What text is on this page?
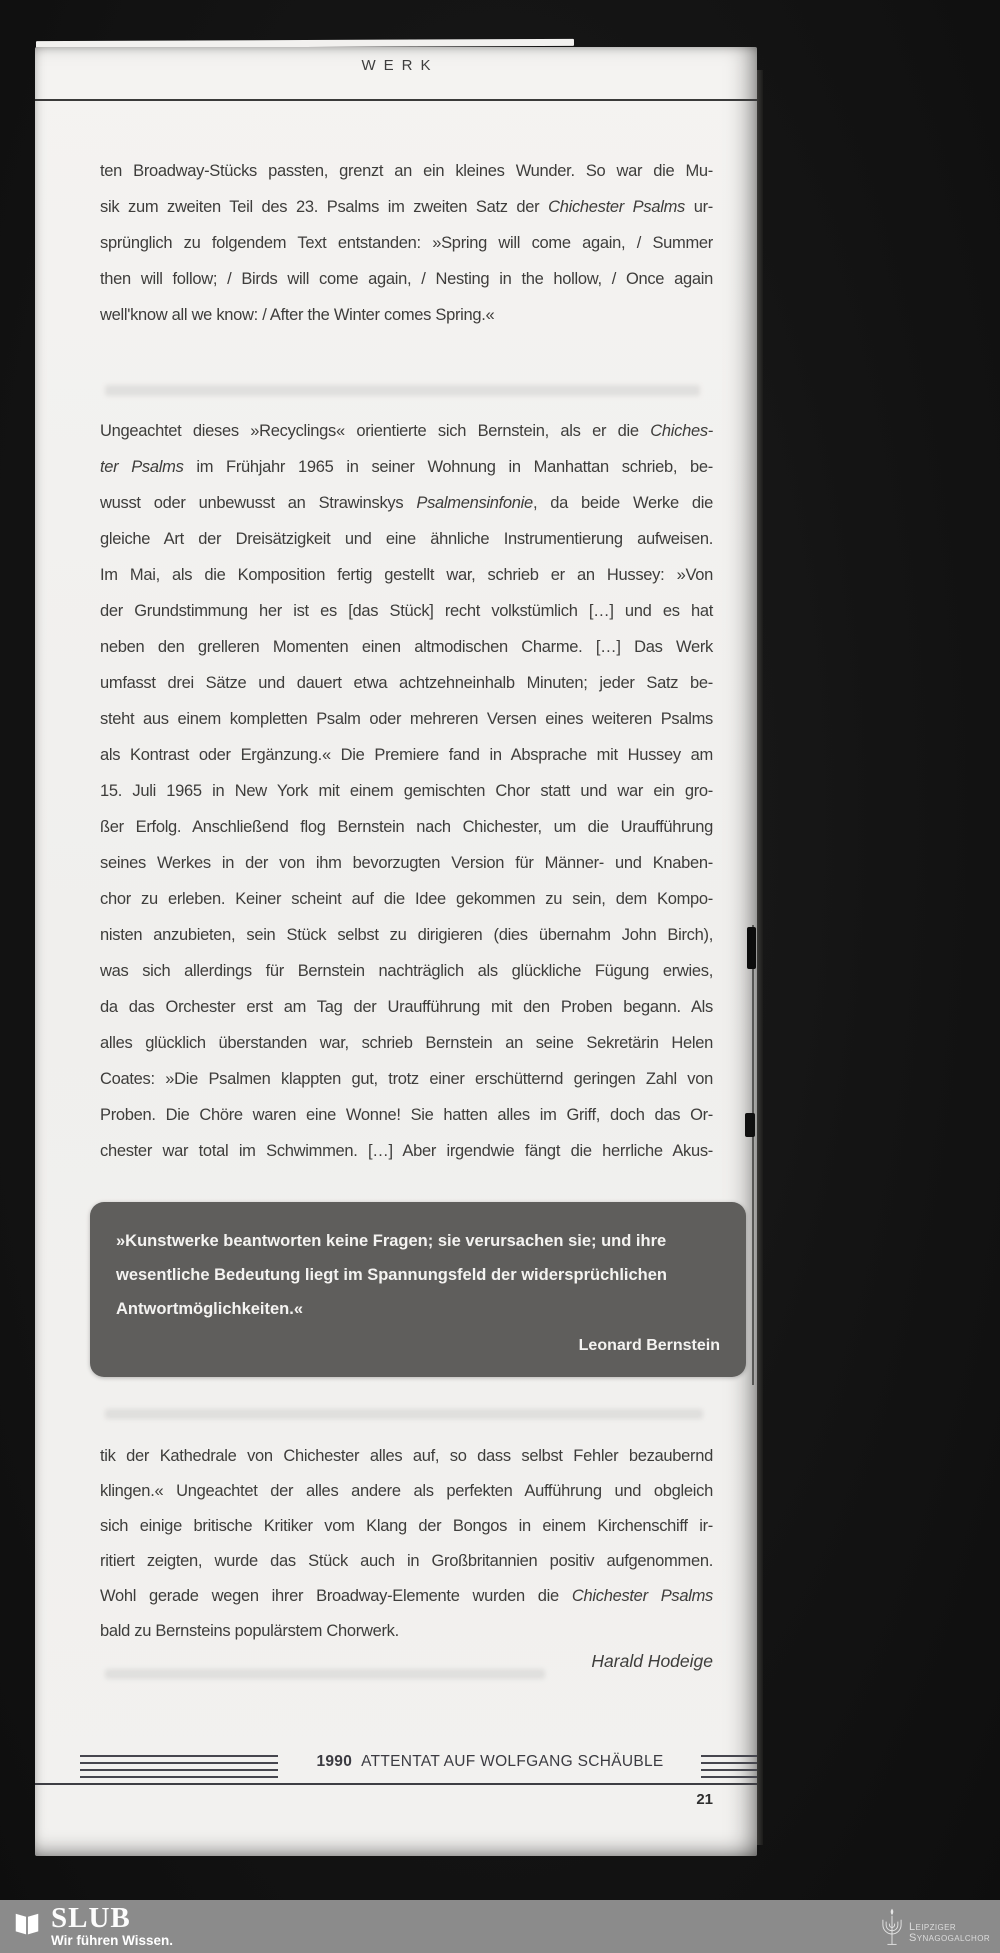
WERK
ten Broadway-Stücks passten, grenzt an ein kleines Wunder. So war die Mu-
sik zum zweiten Teil des 23. Psalms im zweiten Satz der Chichester Psalms ur-
sprünglich zu folgendem Text entstanden: »Spring will come again, / Summer
then will follow; / Birds will come again, / Nesting in the hollow, / Once again
well'know all we know: / After the Winter comes Spring.«
Ungeachtet dieses »Recyclings« orientierte sich Bernstein, als er die Chiches-
ter Psalms im Frühjahr 1965 in seiner Wohnung in Manhattan schrieb, be-
wusst oder unbewusst an Strawinskys Psalmensinfonie, da beide Werke die
gleiche Art der Dreisätzigkeit und eine ähnliche Instrumentierung aufweisen.
Im Mai, als die Komposition fertig gestellt war, schrieb er an Hussey: »Von
der Grundstimmung her ist es [das Stück] recht volkstümlich […] und es hat
neben den grelleren Momenten einen altmodischen Charme. […] Das Werk
umfasst drei Sätze und dauert etwa achtzehneinhalb Minuten; jeder Satz be-
steht aus einem kompletten Psalm oder mehreren Versen eines weiteren Psalms
als Kontrast oder Ergänzung.« Die Premiere fand in Absprache mit Hussey am
15. Juli 1965 in New York mit einem gemischten Chor statt und war ein gro-
ßer Erfolg. Anschließend flog Bernstein nach Chichester, um die Uraufführung
seines Werkes in der von ihm bevorzugten Version für Männer- und Knaben-
chor zu erleben. Keiner scheint auf die Idee gekommen zu sein, dem Kompo-
nisten anzubieten, sein Stück selbst zu dirigieren (dies übernahm John Birch),
was sich allerdings für Bernstein nachträglich als glückliche Fügung erwies,
da das Orchester erst am Tag der Uraufführung mit den Proben begann. Als
alles glücklich überstanden war, schrieb Bernstein an seine Sekretärin Helen
Coates: »Die Psalmen klappten gut, trotz einer erschütternd geringen Zahl von
Proben. Die Chöre waren eine Wonne! Sie hatten alles im Griff, doch das Or-
chester war total im Schwimmen. […] Aber irgendwie fängt die herrliche Akus-
»Kunstwerke beantworten keine Fragen; sie verursachen sie; und ihre
wesentliche Bedeutung liegt im Spannungsfeld der widersprüchlichen
Antwortmöglichkeiten.«
Leonard Bernstein
tik der Kathedrale von Chichester alles auf, so dass selbst Fehler bezaubernd
klingen.« Ungeachtet der alles andere als perfekten Aufführung und obgleich
sich einige britische Kritiker vom Klang der Bongos in einem Kirchenschiff ir-
ritiert zeigten, wurde das Stück auch in Großbritannien positiv aufgenommen.
Wohl gerade wegen ihrer Broadway-Elemente wurden die Chichester Psalms
bald zu Bernsteins populärstem Chorwerk.
Harald Hodeige
1990 ATTENTAT AUF WOLFGANG SCHÄUBLE
21
SLUB
Wir führen Wissen.
Leipziger
Synagogalchor
